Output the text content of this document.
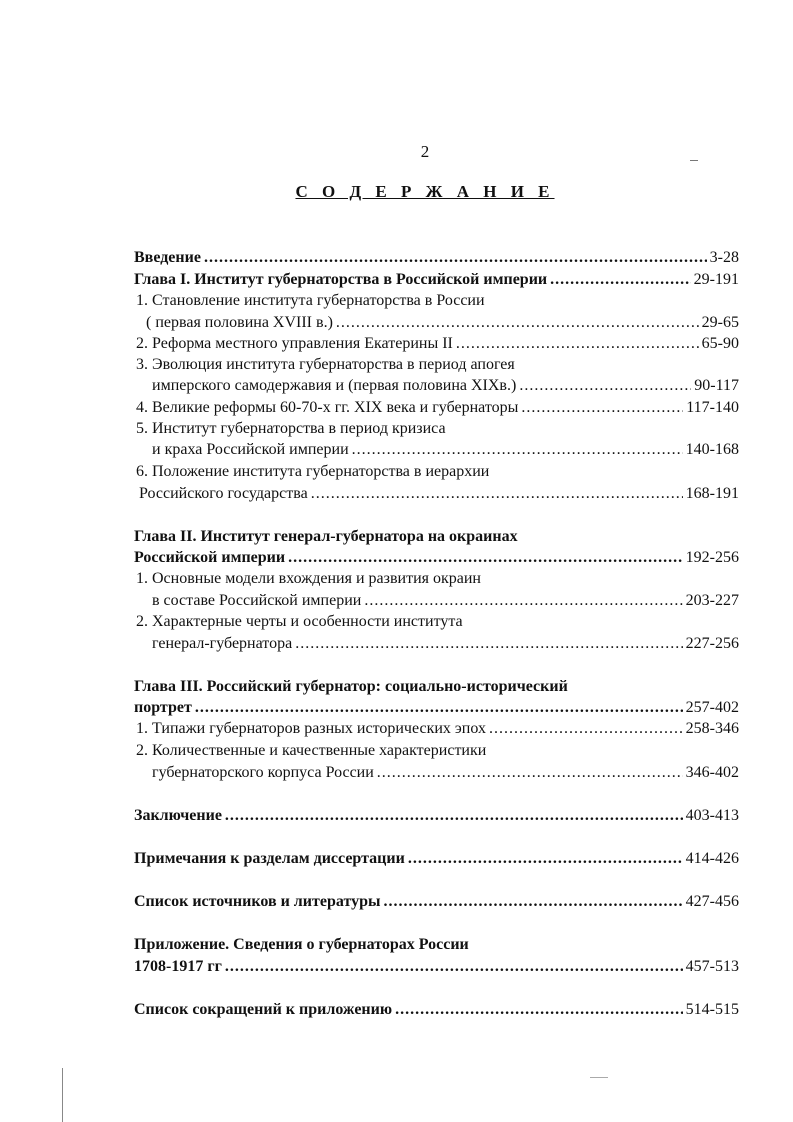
2
С О Д Е Р Ж А Н И Е
Введение .....	3-28
Глава I. Институт губернаторства в Российской империи .....	29-191
1. Становление института губернаторства в России
( первая половина XVIII в.) .....	29-65
2. Реформа местного управления Екатерины II .....	65-90
3. Эволюция института губернаторства в период апогея
имперского самодержавия и (первая половина XIXв.) .....	90-117
4. Великие реформы 60-70-х гг. XIX века и губернаторы .....	117-140
5. Институт губернаторства в период кризиса
и краха Российской империи .....	140-168
6. Положение института губернаторства в иерархии
Российского государства .....	168-191
Глава II. Институт генерал-губернатора на окраинах
Российской империи .....	192-256
1. Основные модели вхождения и развития окраин
в составе Российской империи .....	203-227
2. Характерные черты и особенности института
генерал-губернатора .....	227-256
Глава III. Российский губернатор: социально-исторический
портрет .....	257-402
1. Типажи губернаторов разных исторических эпох .....	258-346
2. Количественные и качественные характеристики
губернаторского корпуса России .....	346-402
Заключение .....	403-413
Примечания к разделам диссертации .....	414-426
Список источников и литературы .....	427-456
Приложение. Сведения о губернаторах России
1708-1917 гг .....	457-513
Список сокращений к приложению .....	514-515
